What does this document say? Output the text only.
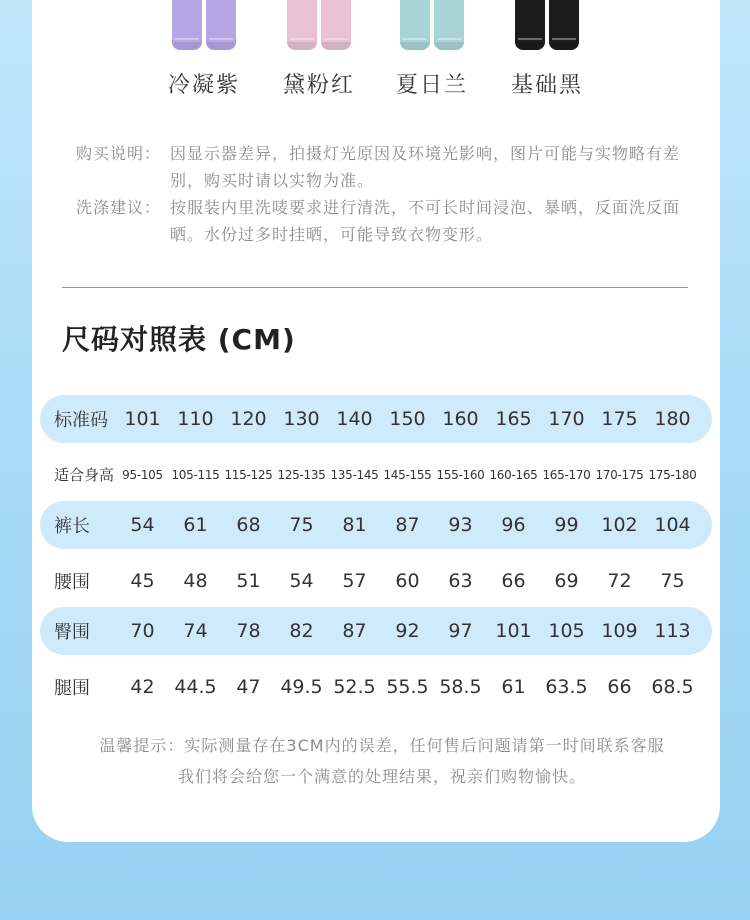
冷凝紫	黛粉红	夏日兰	基础黑
购买说明： 因显示器差异，拍摄灯光原因及环境光影响，图片可能与实物略有差别，购买时请以实物为准。
洗涤建议： 按服装内里洗唛要求进行清洗，不可长时间浸泡、暴晒，反面洗反面晒。水份过多时挂晒，可能导致衣物变形。
尺码对照表 (CM)
标准码 101 110 120 130 140 150 160 165 170 175 180
适合身高 95-105 105-115 115-125 125-135 135-145 145-155 155-160 160-165 165-170 170-175 175-180
裤长	54	61	68	75	81	87	93	96	99	102 104
腰围	45	48	51	54	57	60	63	66	69	72	75
臀围	70	74	78	82	87	92	97	101 105 109 113
腿围	42	44.5	47	49.5 52.5 55.5 58.5	61	63.5	66	68.5
温馨提示：实际测量存在3CM内的误差，任何售后问题请第一时间联系客服
我们将会给您一个满意的处理结果，祝亲们购物愉快。
